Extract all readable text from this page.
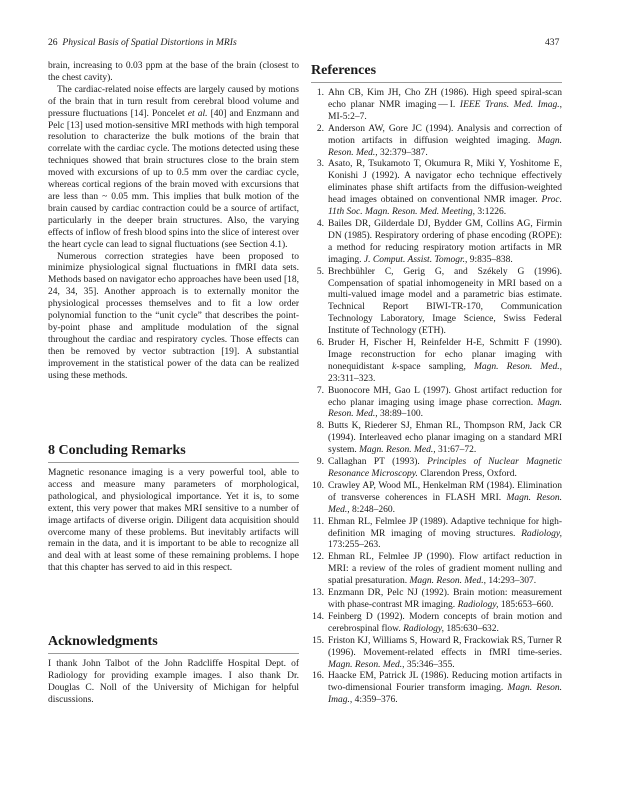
26 Physical Basis of Spatial Distortions in MRIs	437

brain, increasing to 0.03 ppm at the base of the brain (closest to the chest cavity).

The cardiac-related noise effects are largely caused by motions of the brain that in turn result from cerebral blood volume and pressure fluctuations [14]. Poncelet et al. [40] and Enzmann and Pelc [13] used motion-sensitive MRI methods with high temporal resolution to characterize the bulk motions of the brain that correlate with the cardiac cycle. The motions detected using these techniques showed that brain structures close to the brain stem moved with excursions of up to 0.5 mm over the cardiac cycle, whereas cortical regions of the brain moved with excursions that are less than ~ 0.05 mm. This implies that bulk motion of the brain caused by cardiac contraction could be a source of artifact, particularly in the deeper brain structures. Also, the varying effects of inflow of fresh blood spins into the slice of interest over the heart cycle can lead to signal fluctuations (see Section 4.1).

Numerous correction strategies have been proposed to minimize physiological signal fluctuations in fMRI data sets. Methods based on navigator echo approaches have been used [18, 24, 34, 35]. Another approach is to externally monitor the physiological processes themselves and to fit a low order polynomial function to the “unit cycle” that describes the point-by-point phase and amplitude modulation of the signal throughout the cardiac and respiratory cycles. Those effects can then be removed by vector subtraction [19]. A substantial improvement in the statistical power of the data can be realized using these methods.

8 Concluding Remarks

Magnetic resonance imaging is a very powerful tool, able to access and measure many parameters of morphological, pathological, and physiological importance. Yet it is, to some extent, this very power that makes MRI sensitive to a number of image artifacts of diverse origin. Diligent data acquisition should overcome many of these problems. But inevitably artifacts will remain in the data, and it is important to be able to recognize all and deal with at least some of these remaining problems. I hope that this chapter has served to aid in this respect.

Acknowledgments

I thank John Talbot of the John Radcliffe Hospital Dept. of Radiology for providing example images. I also thank Dr. Douglas C. Noll of the University of Michigan for helpful discussions.

References
1. Ahn CB, Kim JH, Cho ZH (1986). High speed spiral-scan echo planar NMR imaging — I. IEEE Trans. Med. Imag., MI-5:2–7.
2. Anderson AW, Gore JC (1994). Analysis and correction of motion artifacts in diffusion weighted imaging. Magn. Reson. Med., 32:379–387.
3. Asato, R, Tsukamoto T, Okumura R, Miki Y, Yoshitome E, Konishi J (1992). A navigator echo technique effectively eliminates phase shift artifacts from the diffusion-weighted head images obtained on conventional NMR imager. Proc. 11th Soc. Magn. Reson. Med. Meeting, 3:1226.
4. Bailes DR, Gilderdale DJ, Bydder GM, Collins AG, Firmin DN (1985). Respiratory ordering of phase encoding (ROPE): a method for reducing respiratory motion artifacts in MR imaging. J. Comput. Assist. Tomogr., 9:835–838.
5. Brechbühler C, Gerig G, and Székely G (1996). Compensation of spatial inhomogeneity in MRI based on a multi-valued image model and a parametric bias estimate. Technical Report BIWI-TR-170, Communication Technology Laboratory, Image Science, Swiss Federal Institute of Technology (ETH).
6. Bruder H, Fischer H, Reinfelder H-E, Schmitt F (1990). Image reconstruction for echo planar imaging with nonequidistant k-space sampling, Magn. Reson. Med., 23:311–323.
7. Buonocore MH, Gao L (1997). Ghost artifact reduction for echo planar imaging using image phase correction. Magn. Reson. Med., 38:89–100.
8. Butts K, Riederer SJ, Ehman RL, Thompson RM, Jack CR (1994). Interleaved echo planar imaging on a standard MRI system. Magn. Reson. Med., 31:67–72.
9. Callaghan PT (1993). Principles of Nuclear Magnetic Resonance Microscopy. Clarendon Press, Oxford.
10. Crawley AP, Wood ML, Henkelman RM (1984). Elimination of transverse coherences in FLASH MRI. Magn. Reson. Med., 8:248–260.
11. Ehman RL, Felmlee JP (1989). Adaptive technique for high-definition MR imaging of moving structures. Radiology, 173:255–263.
12. Ehman RL, Felmlee JP (1990). Flow artifact reduction in MRI: a review of the roles of gradient moment nulling and spatial presaturation. Magn. Reson. Med., 14:293–307.
13. Enzmann DR, Pelc NJ (1992). Brain motion: measurement with phase-contrast MR imaging. Radiology, 185:653–660.
14. Feinberg D (1992). Modern concepts of brain motion and cerebrospinal flow. Radiology, 185:630–632.
15. Friston KJ, Williams S, Howard R, Frackowiak RS, Turner R (1996). Movement-related effects in fMRI time-series. Magn. Reson. Med., 35:346–355.
16. Haacke EM, Patrick JL (1986). Reducing motion artifacts in two-dimensional Fourier transform imaging. Magn. Reson. Imag., 4:359–376.
